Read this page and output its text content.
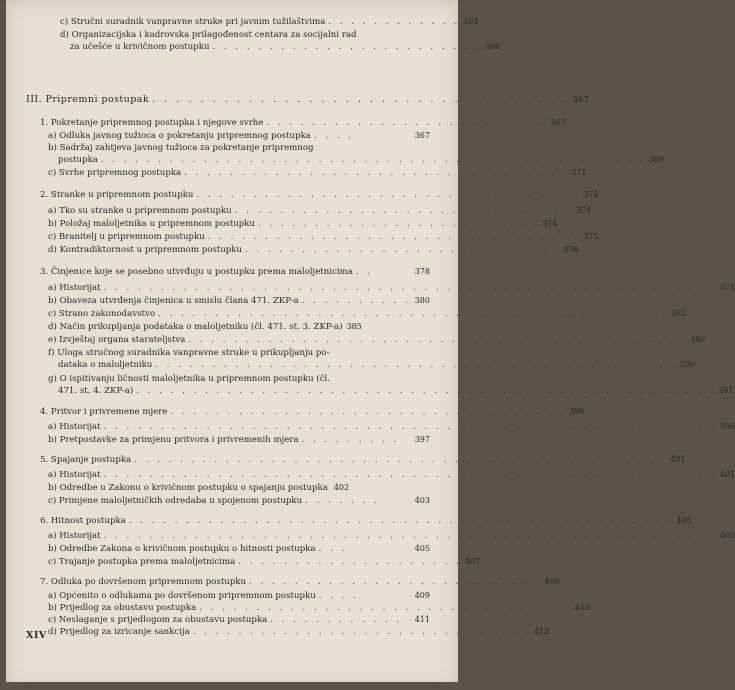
c) Stručni suradnik vanpravne struke pri javnim tužilaštvima . . . . . . . . . . . . 364
d) Organizacijska i kadrovska prilagođenost centara za socijalni rad
za učešće u krivičnom postupku . . . . . . . . . . . . . . . . . . . . . . . . 366
III. Pripremni postupak . . . . . . . . . . . . . . . . . . . . . . . . . . . . . . . . . . . 367
1. Pokretanje pripremnog postupka i njegove svrhe . . . . . . . . . . . . . . . . . . . . . . . . . 367
a) Odluka javnog tužioca o pokretanju pripremnog postupka . . . .	367
b) Sadržaj zahtjeva javnog tužioca za pokretanje pripremnog
postupka . . . . . . . . . . . . . . . . . . . . . . . . . . . . . . . . . . . . . . . . . . . . . . . . 369
c) Svrhe pripremnog postupka . . . . . . . . . . . . . . . . . . . . . . . . . . . . . . . . . . 371
2. Stranke u pripremnom postupku . . . . . . . . . . . . . . . . . . . . . . . . . . . . . . . . . . 374
a) Tko su stranke u pripremnom postupku . . . . . . . . . . . . . . . . . . . . . . . . . . . . . . 374
b) Položaj maloljetnika u pripremnom postupku . . . . . . . . . . . . . . . . . . . . . . . . . 374
c) Branitelj u pripremnom postupku . . . . . . . . . . . . . . . . . . . . . . . . . . . . . . . . . 375
d) Kontradiktornost u pripremnom postupku . . . . . . . . . . . . . . . . . . . . . . . . . . . . 376
3. Činjenice koje se posebno utvrđuju u postupku prema maloljetnicima . .	378
a) Historijat . . . . . . . . . . . . . . . . . . . . . . . . . . . . . . . . . . . . . . . . . . . . . . . . . . . . . . 378
b) Obaveza utvrđenja činjenica u smislu člana 471. ZKP-a . . . . . . . . . . 380
c) Strano zakonodavstvo . . . . . . . . . . . . . . . . . . . . . . . . . . . . . . . . . . . . . . . . . . . . . 382
d) Način prikupljanja podataka o maloljetniku (čl. 471. st. 3. ZKP-a) 385
e) Izvještaj organa starateljstva . . . . . . . . . . . . . . . . . . . . . . . . . . . . . . . . . . . . . . . . . . . . 386
f) Uloga stručnog suradnika vanpravne struke u prikupljanju po-
dataka o maloljetniku . . . . . . . . . . . . . . . . . . . . . . . . . . . . . . . . . . . . . . . . . . . . . . 390
g) O ispitivanju ličnosti maloljetnika u pripremnom postupku (čl.
471. st. 4. ZKP-a) . . . . . . . . . . . . . . . . . . . . . . . . . . . . . . . . . . . . . . . . . . . . . . . . . . . 391
4. Pritvor i privremene mjere . . . . . . . . . . . . . . . . . . . . . . . . . . . . . . . . . . . 396
a) Historijat . . . . . . . . . . . . . . . . . . . . . . . . . . . . . . . . . . . . . . . . . . . . . . . . . . . . . . 396
b) Pretpostavke za primjenu pritvora i privremenih mjera . . . . . . . . .	397
5. Spajanje postupka . . . . . . . . . . . . . . . . . . . . . . . . . . . . . . . . . . . . . . . . . . . . . . . 401
a) Historijat . . . . . . . . . . . . . . . . . . . . . . . . . . . . . . . . . . . . . . . . . . . . . . . . . . . . . . 401
b) Odredbe u Zakonu o krivičnom postupku o spajanju postupka 402
c) Primjene maloljetničkih odredaba u spojenom postupku . . . . . . .	403
6. Hitnost postupka . . . . . . . . . . . . . . . . . . . . . . . . . . . . . . . . . . . . . . . . . . . . . . . . 405
a) Historijat . . . . . . . . . . . . . . . . . . . . . . . . . . . . . . . . . . . . . . . . . . . . . . . . . . . . . . 405
b) Odredbe Zakona o krivičnom postupku o hitnosti postupka . . .	405
c) Trajanje postupka prema maloljetnicima . . . . . . . . . . . . . . . . . . . . 407
7. Odluka po dovršenom pripremnom postupku . . . . . . . . . . . . . . . . . . . . . . . . . . 409
a) Općenito o odlukama po dovršenom pripremnom postupku . . . .	409
b) Prijedlog za obustavu postupka . . . . . . . . . . . . . . . . . . . . . . . . . . . . . . . . . 410
c) Neslaganje s prijedlogom za obustavu postupka . . . . . . . . . . . .	411
d) Prijedlog za izricanje sankcija . . . . . . . . . . . . . . . . . . . . . . . . . . . . . . 412
XIV
